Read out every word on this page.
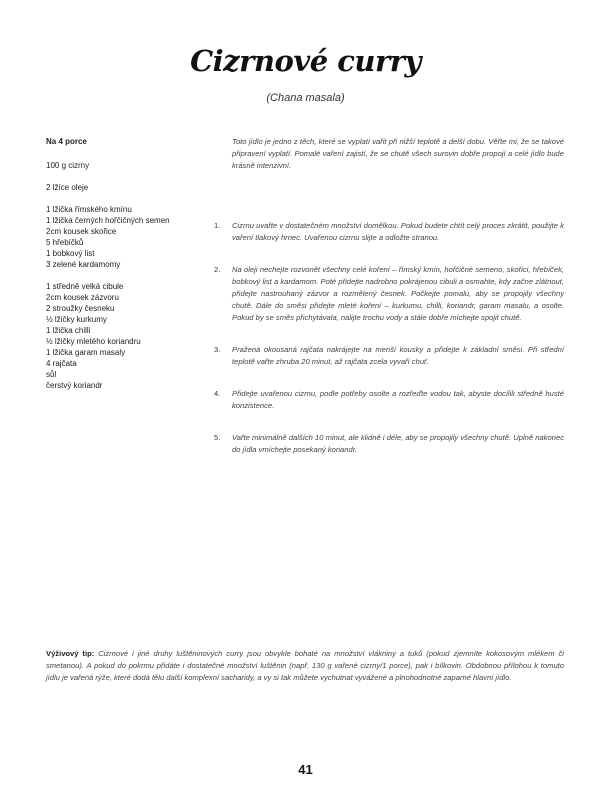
Cizrnové curry
(Chana masala)
Na 4 porce
100 g cizrny
2 lžíce oleje
1 lžička římského kmínu
1 lžička černých hořčičných semen
2cm kousek skořice
5 hřebíčků
1 bobkový list
3 zelené kardamomy
1 středně velká cibule
2cm kousek zázvoru
2 stroužky česneku
½ lžičky kurkumy
1 lžička chilli
½ lžičky mletého koriandru
1 lžička garam masaly
4 rajčata
sůl
čerstvý koriandr
Toto jídlo je jedno z těch, které se vyplatí vařit při nižší teplotě a delší dobu. Věřte mi, že se takové připravení vyplatí. Pomalé vaření zajistí, že se chutě všech surovin dobře propojí a celé jídlo bude krásně intenzivní.
1. Cizrnu uvařte v dostatečném množství domělkou. Pokud budete chtít celý proces zkrátit, použijte k vaření tlakový hrnec. Uvařenou cizrnu slijte a odložte stranou.
2. Na oleji nechejte rozvonět všechny celé koření – římský kmín, hořčičné semeno, skořici, hřebíček, bobkový list a kardamom. Poté přidejte nadrobno pokrájenou cibuli a osmahte, kdy začne zlátnout, přidejte nastrouhaný zázvor a rozmělený česnek. Počkejte pomalu, aby se propojily všechny chutě. Dále do směsi přidejte mleté koření – kurkumu, chilli, koriandr, garam masalu, a osolte. Pokud by se směs přichytávala, nalijte trochu vody a stále dobře míchejte spojit chutě.
3. Pražená okousaná rajčata nakrájejte na menší kousky a přidejte k základní směsi. Při střední teplotě vařte zhruba 20 minut, až rajčata zcela vyvaří chuť.
4. Přidejte uvařenou cizrnu, podle potřeby osolte a rozřeďte vodou tak, abyste docílili středně husté konzistence.
5. Vařte minimálně dalších 10 minut, ale klidně i déle, aby se propojily všechny chutě. Úplně nakonec do jídla vmíchejte posekaný koriandr.
Výživový tip: Cizrnové i jiné druhy luštěninových curry jsou obvykle bohaté na množství vlákniny a tuků (pokud zjemníte kokosovým mlékem či smetanou). A pokud do pokrmu přidáte i dostatečné množství luštěnin (např. 130 g vařené cizrny/1 porce), pak i bílkovin. Obdobnou přílohou k tomuto jídlu je vařená rýže, které dodá tělu další komplexní sacharidy, a vy si tak můžete vychutnat vyvážené a plnohodnotné zaparné hlavní jídlo.
41
